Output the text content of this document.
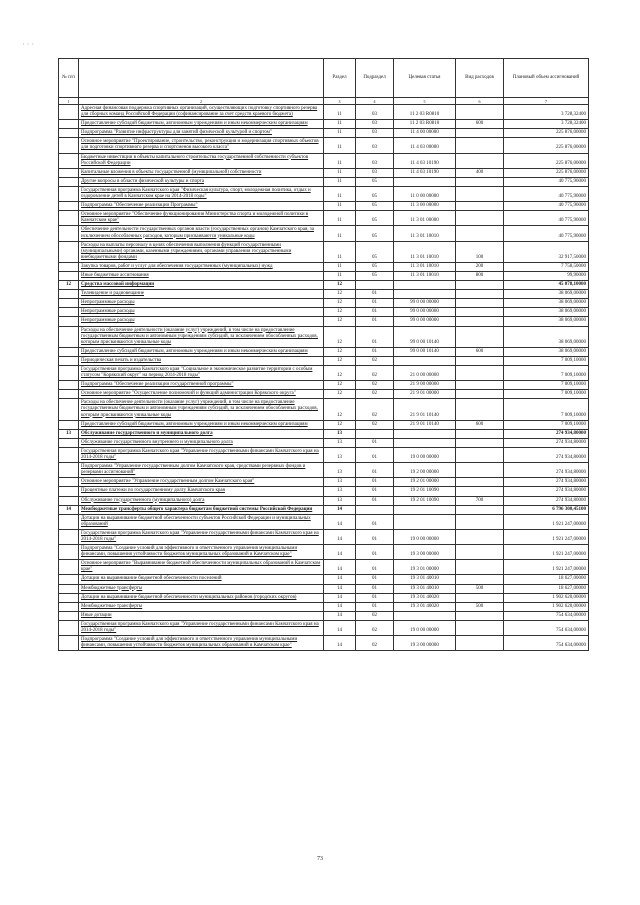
· · ·
№ п/п		Раздел	Подраздел	Целевая статья	Вид расходов	Плановый объем ассигнований
1	2	3	4	5	6	7
	Адресная финансовая поддержка спортивных организаций, осуществляющих подготовку спортивного резерва для сборных команд Российской Федерации (софинансирование за счет средств краевого бюджета)	11	03	11 2 03 R0810		3 728,32400
	Предоставление субсидий бюджетным, автономным учреждениям и иным некоммерческим организациям	11	03	11 2 03 R0810	600	3 728,32400
	Подпрограмма "Развитие инфраструктуры для занятий физической культурой и спортом"	11	03	11 4 00 00000		225 876,00000
	Основное мероприятие "Проектирование, строительство, реконструкция и модернизация спортивных объектов для подготовки спортивного резерва и спортсменов высокого класса"	11	03	11 4 03 00000		225 876,00000
	Бюджетные инвестиции в объекты капитального строительства государственной собственности субъектов Российской Федерации	11	03	11 4 03 10190		225 876,00000
	Капитальные вложения в объекты государственной (муниципальной) собственности	11	03	11 4 03 10190	400	225 876,00000
	Другие вопросы в области физической культуры и спорта	11	05			40 775,90000
	Государственная программа Камчатского края "Физическая культура, спорт, молодежная политика, отдых и оздоровление детей в Камчатском крае на 2014-2018 годы"	11	05	11 0 00 00000		40 775,90000
	Подпрограмма "Обеспечение реализации Программы"	11	05	11 3 00 00000		40 775,90000
	Основное мероприятие "Обеспечение функционирования Министерства спорта и молодежной политики в Камчатском крае"	11	05	11 3 01 00000		40 775,90000
	Обеспечение деятельности государственных органов власти (государственных органов) Камчатского края, за исключением обособленных расходов, которым присваиваются уникальные коды	11	05	11 3 01 10010		40 775,90000
	Расходы на выплаты персоналу в целях обеспечения выполнения функций государственными (муниципальными) органами, казенными учреждениями, органами управления государственными внебюджетными фондами	11	05	11 3 01 10010	100	32 917,50000
	Закупка товаров, работ и услуг для обеспечения государственных (муниципальных) нужд	11	05	11 3 01 10010	200	7 758,50000
	Иные бюджетные ассигнования	11	05	11 3 01 10010	800	99,90000
12	Средства массовой информации	12				45 078,10000
	Телевидение и радиовещание	12	01			38 069,00000
	Непрограммные расходы	12	01	99 0 00 00000		38 069,00000
	Непрограммные расходы	12	01	99 0 00 00000		38 069,00000
	Непрограммные расходы	12	01	99 0 00 00000		38 069,00000
	Расходы на обеспечение деятельности (оказание услуг) учреждений, в том числе на предоставление государственным бюджетным и автономным учреждениям субсидий, за исключением обособленных расходов, которым присваиваются уникальные коды	12	01	99 0 00 10140		38 069,00000
	Предоставление субсидий бюджетным, автономным учреждениям и иным некоммерческим организациям	12	01	99 0 00 10140	600	38 069,00000
	Периодическая печать и издательства	12	02			7 009,10000
	Государственная программа Камчатского края "Социальное и экономическое развитие территории с особым статусом "Корякский округ" на период 2014-2018 годы"	12	02	21 0 00 00000		7 009,10000
	Подпрограмма "Обеспечение реализации государственной программы"	12	02	21 9 00 00000		7 009,10000
	Основное мероприятие "Осуществление полномочий и функций администрации Корякского округа"	12	02	21 9 01 00000		7 009,10000
	Расходы на обеспечение деятельности (оказание услуг) учреждений, в том числе на предоставление государственным бюджетным и автономным учреждениям субсидий, за исключением обособленных расходов, которым присваиваются уникальные коды	12	02	21 9 01 10140		7 009,10000
	Предоставление субсидий бюджетным, автономным учреждениям и иным некоммерческим организациям	12	02	21 9 01 10140	600	7 009,10000
13	Обслуживание государственного и муниципального долга	13				274 934,80000
	Обслуживание государственного внутреннего и муниципального долга	13	01			274 934,80000
	Государственная программа Камчатского края "Управление государственными финансами Камчатского края на 2014-2018 годы"	13	01	19 0 00 00000		274 934,80000
	Подпрограмма "Управление государственным долгом Камчатского края, средствами резервных фондов и резервами ассигнований"	13	01	19 2 00 00000		274 934,80000
	Основное мероприятие "Управление государственным долгом Камчатского края"	13	01	19 2 01 00000		274 934,80000
	Процентные платежи по государственному долгу Камчатского края	13	01	19 2 01 10090		274 934,80000
	Обслуживание государственного (муниципального) долга	13	01	19 2 01 10090	700	274 934,80000
14	Межбюджетные трансферты общего характера бюджетам бюджетной системы Российской Федерации	14				6 796 300,45100
	Дотации на выравнивание бюджетной обеспеченности субъектов Российской Федерации и муниципальных образований	14	01			1 921 247,00000
	Государственная программа Камчатского края "Управление государственными финансами Камчатского края на 2014-2018 годы"	14	01	19 0 00 00000		1 921 247,00000
	Подпрограмма "Создание условий для эффективного и ответственного управления муниципальными финансами, повышения устойчивости бюджетов муниципальных образований в Камчатском крае"	14	01	19 3 00 00000		1 921 247,00000
	Основное мероприятие "Выравнивание бюджетной обеспеченности муниципальных образований в Камчатском крае"	14	01	19 3 01 00000		1 921 247,00000
	Дотации на выравнивание бюджетной обеспеченности поселений	14	01	19 3 01 40010		18 627,00000
	Межбюджетные трансферты	14	01	19 3 01 40010	500	18 627,00000
	Дотации на выравнивание бюджетной обеспеченности муниципальных районов (городских округов)	14	01	19 3 01 40020		1 902 620,00000
	Межбюджетные трансферты	14	01	19 3 01 40020	500	1 902 620,00000
	Иные дотации	14	02			754 634,00000
	Государственная программа Камчатского края "Управление государственными финансами Камчатского края на 2014-2018 годы"	14	02	19 0 00 00000		754 634,00000
	Подпрограмма "Создание условий для эффективного и ответственного управления муниципальными финансами, повышения устойчивости бюджетов муниципальных образований в Камчатском крае"	14	02	19 3 00 00000		754 634,00000
73
